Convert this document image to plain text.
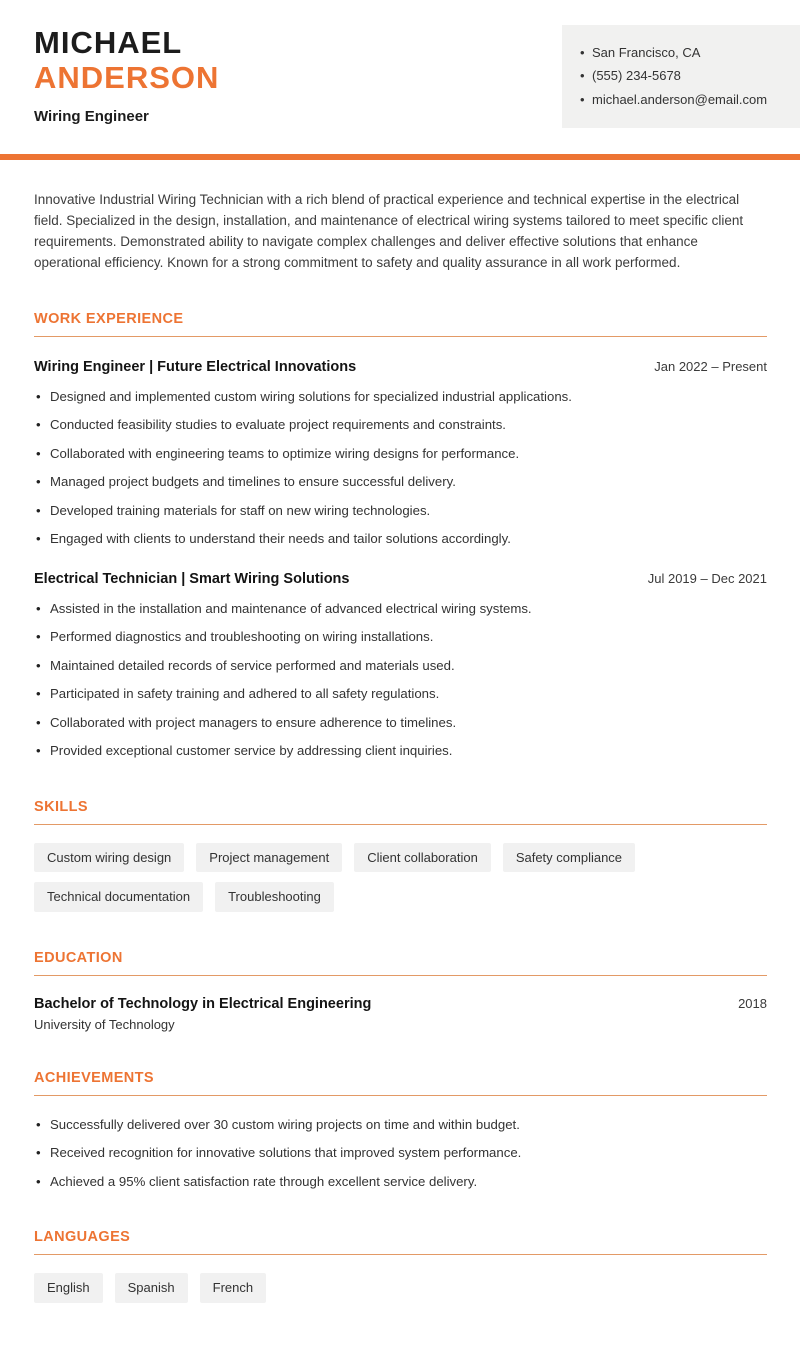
MICHAEL
ANDERSON
Wiring Engineer
• San Francisco, CA
• (555) 234-5678
• michael.anderson@email.com

Innovative Industrial Wiring Technician with a rich blend of practical experience and technical expertise in the electrical field. Specialized in the design, installation, and maintenance of electrical wiring systems tailored to meet specific client requirements. Demonstrated ability to navigate complex challenges and deliver effective solutions that enhance operational efficiency. Known for a strong commitment to safety and quality assurance in all work performed.

WORK EXPERIENCE
Wiring Engineer | Future Electrical Innovations	Jan 2022 – Present
• Designed and implemented custom wiring solutions for specialized industrial applications.
• Conducted feasibility studies to evaluate project requirements and constraints.
• Collaborated with engineering teams to optimize wiring designs for performance.
• Managed project budgets and timelines to ensure successful delivery.
• Developed training materials for staff on new wiring technologies.
• Engaged with clients to understand their needs and tailor solutions accordingly.
Electrical Technician | Smart Wiring Solutions	Jul 2019 – Dec 2021
• Assisted in the installation and maintenance of advanced electrical wiring systems.
• Performed diagnostics and troubleshooting on wiring installations.
• Maintained detailed records of service performed and materials used.
• Participated in safety training and adhered to all safety regulations.
• Collaborated with project managers to ensure adherence to timelines.
• Provided exceptional customer service by addressing client inquiries.
SKILLS
Custom wiring design	Project management	Client collaboration	Safety compliance
Technical documentation	Troubleshooting
EDUCATION
Bachelor of Technology in Electrical Engineering	2018
University of Technology
ACHIEVEMENTS
• Successfully delivered over 30 custom wiring projects on time and within budget.
• Received recognition for innovative solutions that improved system performance.
• Achieved a 95% client satisfaction rate through excellent service delivery.
LANGUAGES
English	Spanish	French
